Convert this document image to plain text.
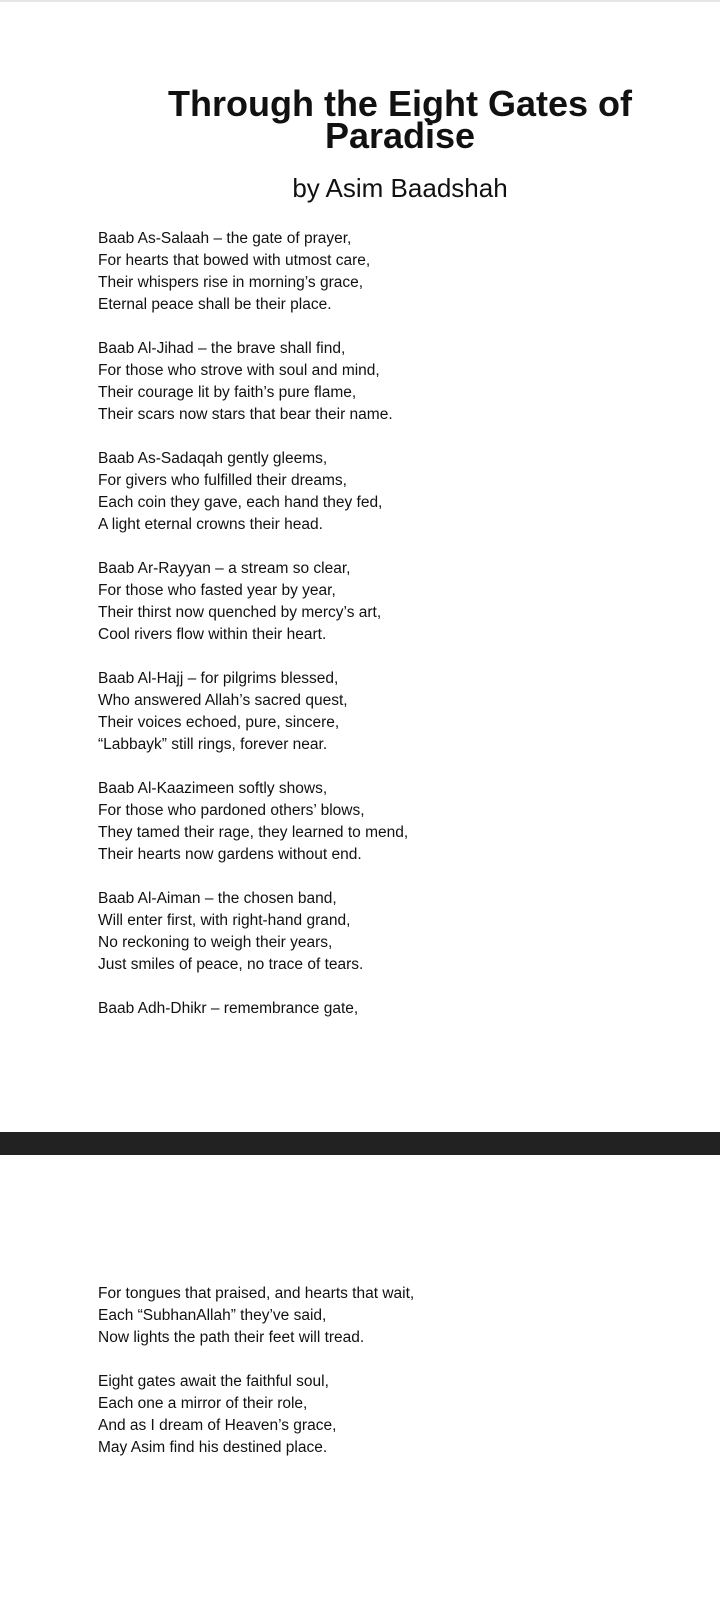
Through the Eight Gates of Paradise

by Asim Baadshah

Baab As-Salaah – the gate of prayer,
For hearts that bowed with utmost care,
Their whispers rise in morning’s grace,
Eternal peace shall be their place.
Baab Al-Jihad – the brave shall find,
For those who strove with soul and mind,
Their courage lit by faith’s pure flame,
Their scars now stars that bear their name.
Baab As-Sadaqah gently gleems,
For givers who fulfilled their dreams,
Each coin they gave, each hand they fed,
A light eternal crowns their head.
Baab Ar-Rayyan – a stream so clear,
For those who fasted year by year,
Their thirst now quenched by mercy’s art,
Cool rivers flow within their heart.
Baab Al-Hajj – for pilgrims blessed,
Who answered Allah’s sacred quest,
Their voices echoed, pure, sincere,
“Labbayk” still rings, forever near.
Baab Al-Kaazimeen softly shows,
For those who pardoned others’ blows,
They tamed their rage, they learned to mend,
Their hearts now gardens without end.
Baab Al-Aiman – the chosen band,
Will enter first, with right-hand grand,
No reckoning to weigh their years,
Just smiles of peace, no trace of tears.
Baab Adh-Dhikr – remembrance gate,
For tongues that praised, and hearts that wait,
Each “SubhanAllah” they’ve said,
Now lights the path their feet will tread.
Eight gates await the faithful soul,
Each one a mirror of their role,
And as I dream of Heaven’s grace,
May Asim find his destined place.
